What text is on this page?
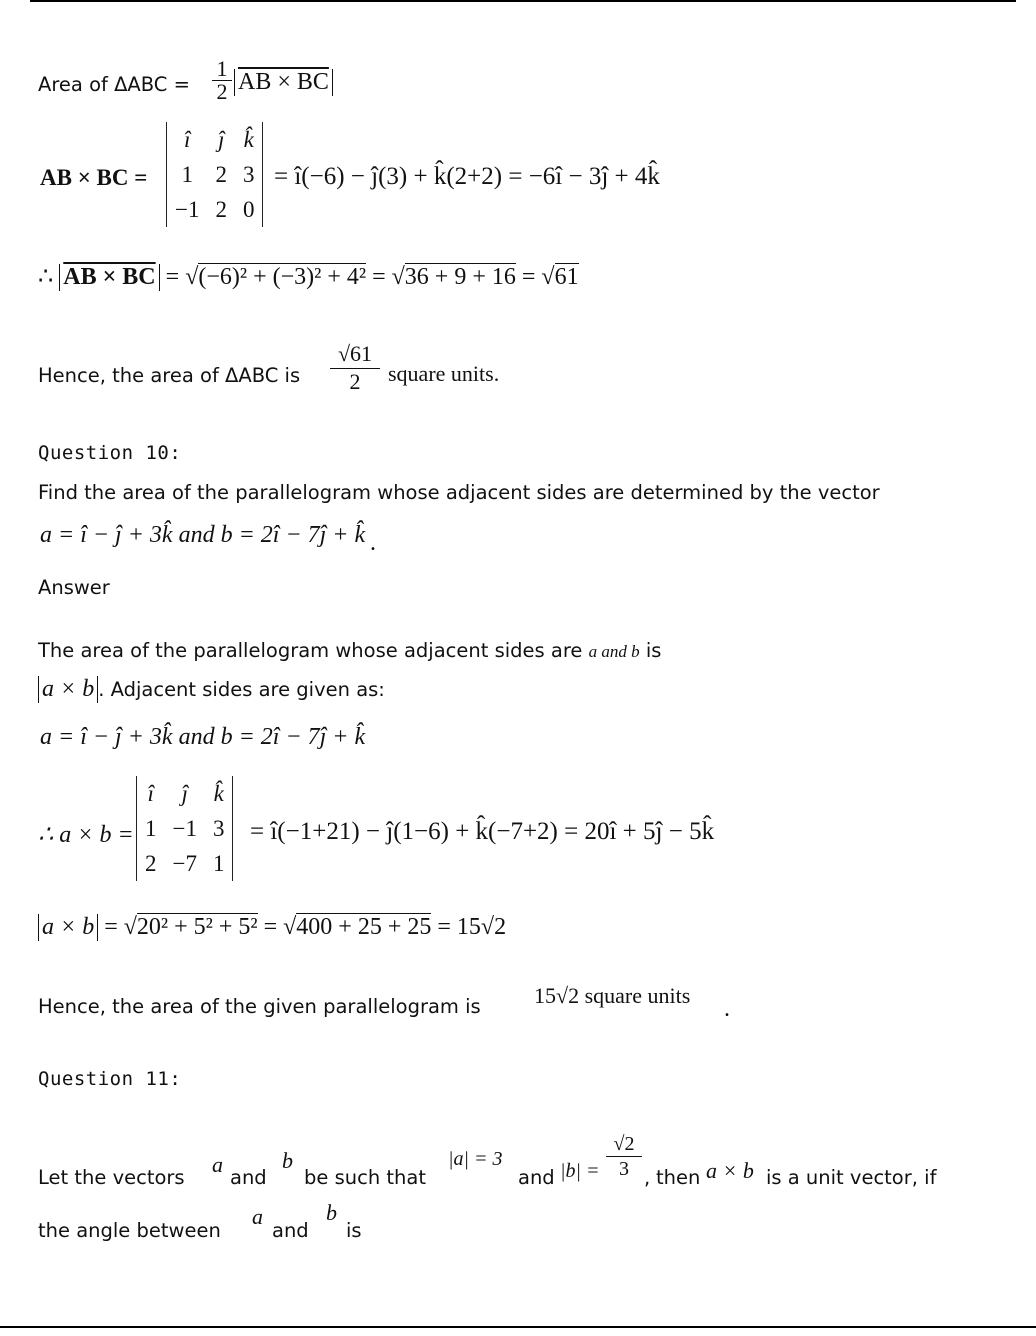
Area of $\Delta ABC = \frac{1}{2}$ AB × BC
AB × BC =
î	ĵ	k̂
1	2	3
−1	2	0
= î(−6) − ĵ(3) + k̂(2+2) = −6î − 3ĵ + 4k̂
∴ AB × BC = √(−6)² + (−3)² + 4² = √36 + 9 + 16 = √61
Hence, the area of ΔABC is $\frac{√61}{2}$ square units.
Question 10:
Find the area of the parallelogram whose adjacent sides are determined by the vector
a = î − ĵ + 3k̂ and b = 2î − 7ĵ + k̂ .
Answer
The area of the parallelogram whose adjacent sides are a and b is
a × b . Adjacent sides are given as:
a = î − ĵ + 3k̂ and b = 2î − 7ĵ + k̂
∴ a × b =
î	ĵ	k̂
1	−1	3
2	−7	1
= î(−1+21) − ĵ(1−6) + k̂(−7+2) = 20î + 5ĵ − 5k̂
a × b = √20² + 5² + 5² = √400 + 25 + 25 = 15√2
Hence, the area of the given parallelogram is 15√2 square units
.
Question 11:
Let the vectors
a
and
b
be such that
|a| = 3
and $|b| = \frac{√2}{3}$ , then a × b is a unit vector, if
the angle between
a
and
b
is
